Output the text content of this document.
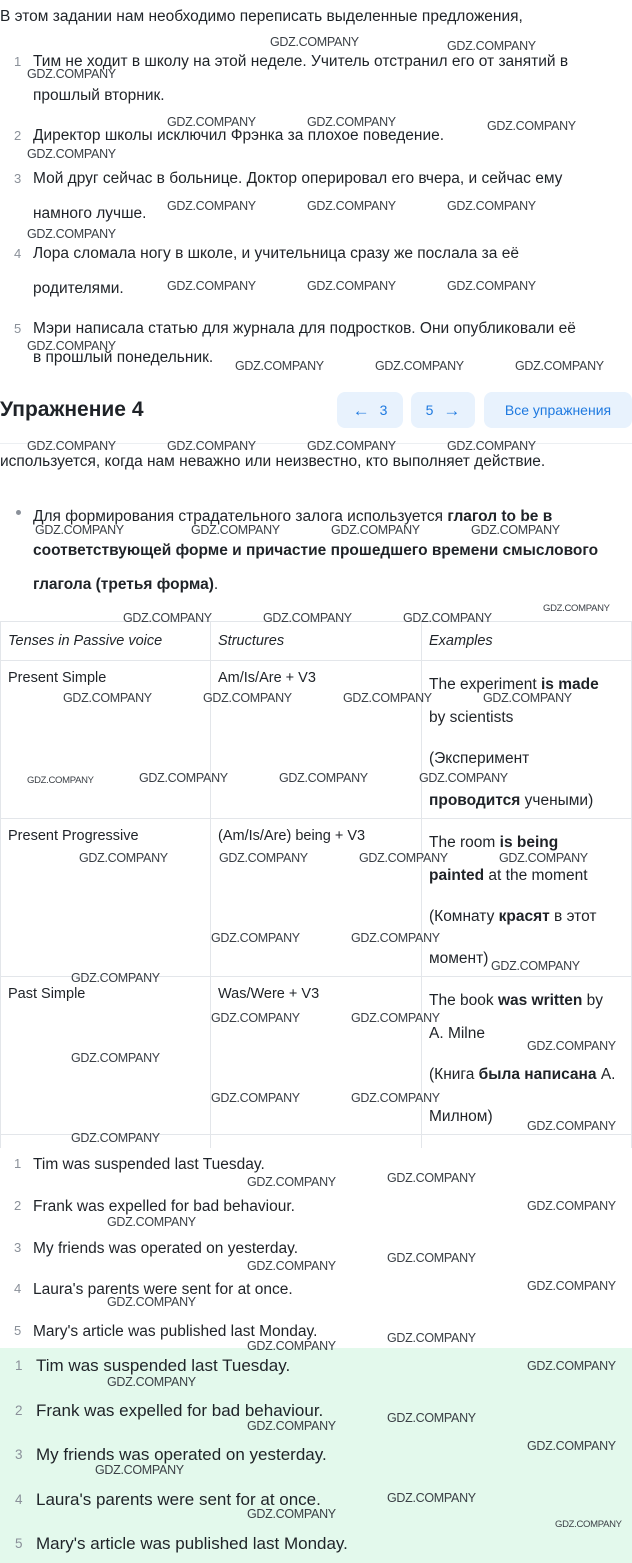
В этом задании нам необходимо переписать выделенные предложения,
1 Тим не ходит в школу на этой неделе. Учитель отстранил его от занятий в
прошлый вторник.
2 Директор школы исключил Фрэнка за плохое поведение.
3 Мой друг сейчас в больнице. Доктор оперировал его вчера, и сейчас ему
намного лучше.
4 Лора сломала ногу в школе, и учительница сразу же послала за её
родителями.
5 Мэри написала статью для журнала для подростков. Они опубликовали её
в прошлый понедельник.
Упражнение 4	← 3	5 →	Все упражнения
используется, когда нам неважно или неизвестно, кто выполняет действие.
Для формирования страдательного залога используется глагол to be в
соответствующей форме и причастие прошедшего времени смыслового
глагола (третья форма).
Tenses in Passive voice	Structures	Examples
Present Simple	Am/Is/Are + V3	The experiment is made
by scientists
(Эксперимент
проводится учеными)
Present Progressive	(Am/Is/Are) being + V3	The room is being
painted at the moment
(Комнату красят в этот
момент)
Past Simple	Was/Were + V3	The book was written by
A. Milne
(Книга была написана А.
Милном)
1 Tim was suspended last Tuesday.
2 Frank was expelled for bad behaviour.
3 My friends was operated on yesterday.
4 Laura's parents were sent for at once.
5 Mary's article was published last Monday.
1 Tim was suspended last Tuesday.
2 Frank was expelled for bad behaviour.
3 My friends was operated on yesterday.
4 Laura's parents were sent for at once.
5 Mary's article was published last Monday.
GDZ.COMPANY	GDZ.COMPANY
GDZ.COMPANY
GDZ.COMPANY	GDZ.COMPANY	GDZ.COMPANY
GDZ.COMPANY
GDZ.COMPANY	GDZ.COMPANY	GDZ.COMPANY
GDZ.COMPANY
GDZ.COMPANY	GDZ.COMPANY	GDZ.COMPANY
GDZ.COMPANY
GDZ.COMPANY	GDZ.COMPANY	GDZ.COMPANY
GDZ.COMPANY	GDZ.COMPANY	GDZ.COMPANY	GDZ.COMPANY
GDZ.COMPANY	GDZ.COMPANY	GDZ.COMPANY	GDZ.COMPANY
GDZ.COMPANY	GDZ.COMPANY	GDZ.COMPANY
GDZ.COMPANY
GDZ.COMPANY	GDZ.COMPANY	GDZ.COMPANY	GDZ.COMPANY
GDZ.COMPANY	GDZ.COMPANY	GDZ.COMPANY	GDZ.COMPANY
GDZ.COMPANY	GDZ.COMPANY	GDZ.COMPANY	GDZ.COMPANY
GDZ.COMPANY	GDZ.COMPANY
GDZ.COMPANY
GDZ.COMPANY
GDZ.COMPANY	GDZ.COMPANY
GDZ.COMPANY
GDZ.COMPANY
GDZ.COMPANY	GDZ.COMPANY
GDZ.COMPANY
GDZ.COMPANY
GDZ.COMPANY	GDZ.COMPANY
GDZ.COMPANY
GDZ.COMPANY
GDZ.COMPANY
GDZ.COMPANY
GDZ.COMPANY
GDZ.COMPANY
GDZ.COMPANY
GDZ.COMPANY
GDZ.COMPANY
GDZ.COMPANY
GDZ.COMPANY
GDZ.COMPANY
GDZ.COMPANY
GDZ.COMPANY
GDZ.COMPANY
GDZ.COMPANY
GDZ.COMPANY
